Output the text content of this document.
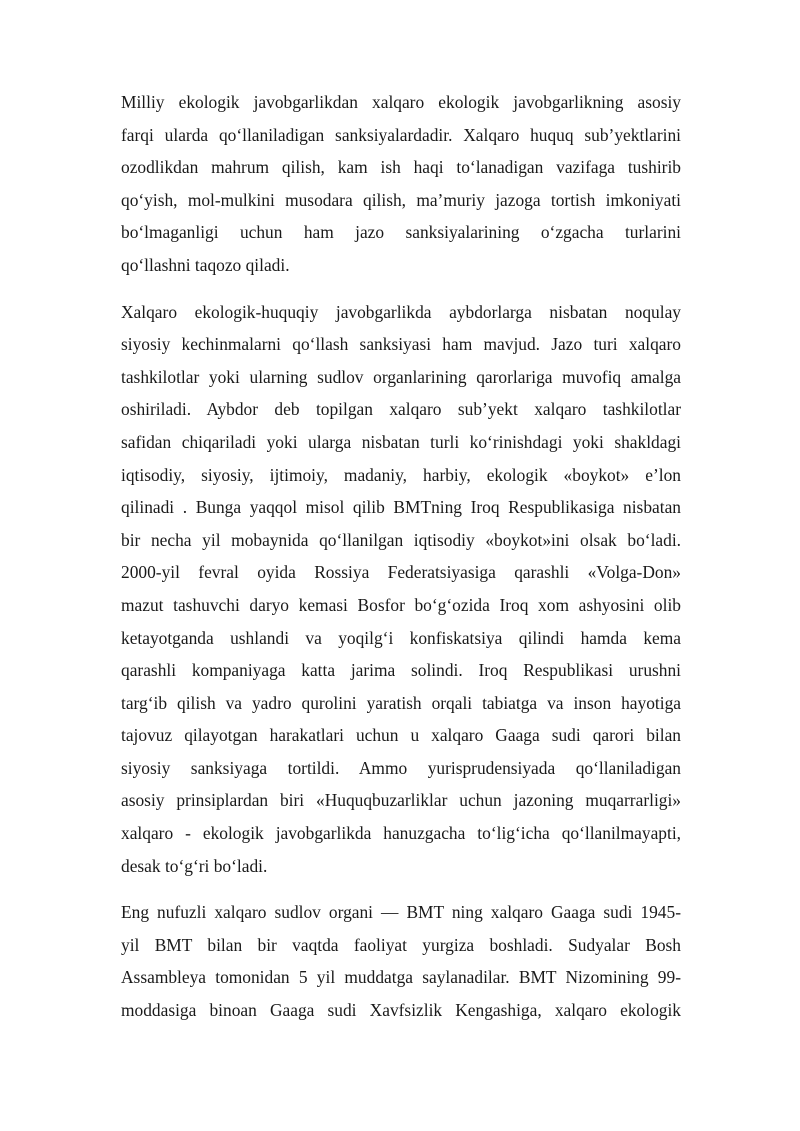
Milliy ekologik javobgarlikdan xalqaro ekologik javobgarlikning asosiy
farqi ularda qo‘llaniladigan sanksiyalardadir. Xalqaro huquq sub’yektlarini
ozodlikdan mahrum qilish, kam ish haqi to‘lanadigan vazifaga tushirib
qo‘yish, mol-mulkini musodara qilish, ma’muriy jazoga tortish imkoniyati
bo‘lmaganligi uchun ham jazo sanksiyalarining o‘zgacha turlarini
qo‘llashni taqozo qiladi.
Xalqaro ekologik-huquqiy javobgarlikda aybdorlarga nisbatan noqulay
siyosiy kechinmalarni qo‘llash sanksiyasi ham mavjud. Jazo turi xalqaro
tashkilotlar yoki ularning sudlov organlarining qarorlariga muvofiq amalga
oshiriladi. Aybdor deb topilgan xalqaro sub’yekt xalqaro tashkilotlar
safidan chiqariladi yoki ularga nisbatan turli ko‘rinishdagi yoki shakldagi
iqtisodiy, siyosiy, ijtimoiy, madaniy, harbiy, ekologik «boykot» e’lon
qilinadi . Bunga yaqqol misol qilib BMTning Iroq Respublikasiga nisbatan
bir necha yil mobaynida qo‘llanilgan iqtisodiy «boykot»ini olsak bo‘ladi.
2000-yil fevral oyida Rossiya Federatsiyasiga qarashli «Volga-Don»
mazut tashuvchi daryo kemasi Bosfor bo‘g‘ozida Iroq xom ashyosini olib
ketayotganda ushlandi va yoqilg‘i konfiskatsiya qilindi hamda kema
qarashli kompaniyaga katta jarima solindi. Iroq Respublikasi urushni
targ‘ib qilish va yadro qurolini yaratish orqali tabiatga va inson hayotiga
tajovuz qilayotgan harakatlari uchun u xalqaro Gaaga sudi qarori bilan
siyosiy sanksiyaga tortildi. Ammo yurisprudensiyada qo‘llaniladigan
asosiy prinsiplardan biri «Huquqbuzarliklar uchun jazoning muqarrarligi»
xalqaro - ekologik javobgarlikda hanuzgacha to‘lig‘icha qo‘llanilmayapti,
desak to‘g‘ri bo‘ladi.
Eng nufuzli xalqaro sudlov organi — BMT ning xalqaro Gaaga sudi 1945-
yil BMT bilan bir vaqtda faoliyat yurgiza boshladi. Sudyalar Bosh
Assambleya tomonidan 5 yil muddatga saylanadilar. BMT Nizomining 99-
moddasiga binoan Gaaga sudi Xavfsizlik Kengashiga, xalqaro ekologik
